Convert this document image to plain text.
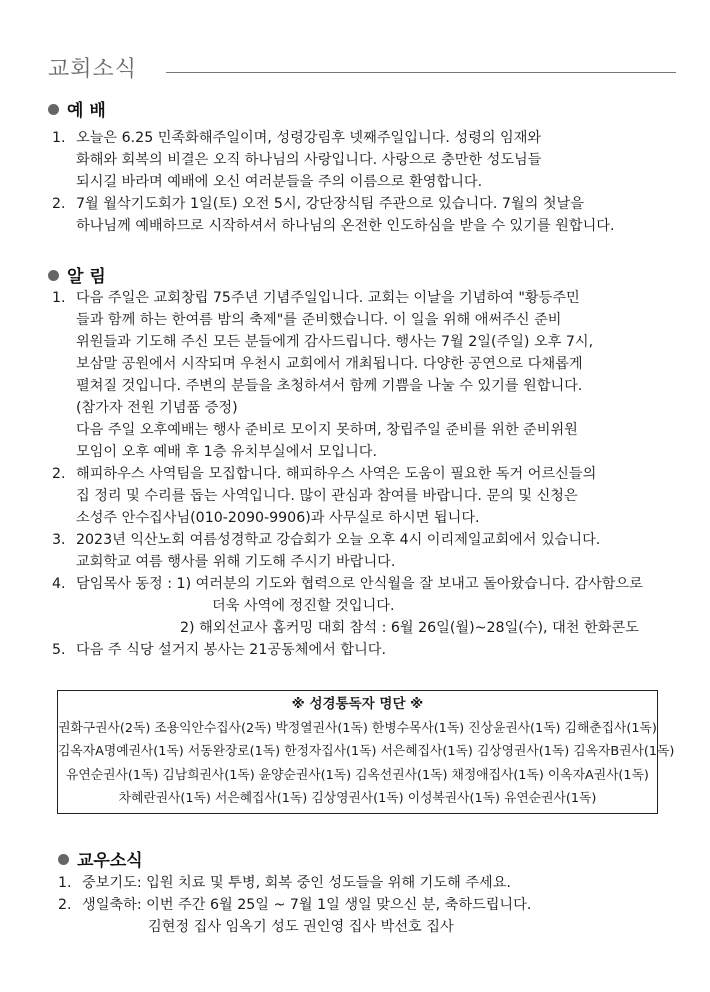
교회소식
예 배
1. 오늘은 6.25 민족화해주일이며, 성령강림후 넷째주일입니다. 성령의 임재와
화해와 회복의 비결은 오직 하나님의 사랑입니다. 사랑으로 충만한 성도님들
되시길 바라며 예배에 오신 여러분들을 주의 이름으로 환영합니다.
2. 7월 월삭기도회가 1일(토) 오전 5시, 강단장식팀 주관으로 있습니다. 7월의 첫날을
하나님께 예배하므로 시작하셔서 하나님의 온전한 인도하심을 받을 수 있기를 원합니다.
알 림
1. 다음 주일은 교회창립 75주년 기념주일입니다. 교회는 이날을 기념하여 "황등주민
들과 함께 하는 한여름 밤의 축제"를 준비했습니다. 이 일을 위해 애써주신 준비
위원들과 기도해 주신 모든 분들에게 감사드립니다. 행사는 7월 2일(주일) 오후 7시,
보삼말 공원에서 시작되며 우천시 교회에서 개최됩니다. 다양한 공연으로 다채롭게
펼쳐질 것입니다. 주변의 분들을 초청하셔서 함께 기쁨을 나눌 수 있기를 원합니다.
(참가자 전원 기념품 증정)
다음 주일 오후예배는 행사 준비로 모이지 못하며, 창립주일 준비를 위한 준비위원
모임이 오후 예배 후 1층 유치부실에서 모입니다.
2. 해피하우스 사역팀을 모집합니다. 해피하우스 사역은 도움이 필요한 독거 어르신들의
집 정리 및 수리를 돕는 사역입니다. 많이 관심과 참여를 바랍니다. 문의 및 신청은
소성주 안수집사님(010-2090-9906)과 사무실로 하시면 됩니다.
3. 2023년 익산노회 여름성경학교 강습회가 오늘 오후 4시 이리제일교회에서 있습니다.
교회학교 여름 행사를 위해 기도해 주시기 바랍니다.
4. 담임목사 동정 : 1) 여러분의 기도와 협력으로 안식월을 잘 보내고 돌아왔습니다. 감사함으로
더욱 사역에 정진할 것입니다.
2) 해외선교사 홈커밍 대회 참석 : 6월 26일(월)~28일(수), 대천 한화콘도
5. 다음 주 식당 설거지 봉사는 21공동체에서 합니다.
※ 성경통독자 명단 ※
권화구권사(2독) 조용익안수집사(2독) 박정열권사(1독) 한병수목사(1독) 진상윤권사(1독) 김해춘집사(1독)
김옥자A명예권사(1독) 서동완장로(1독) 한정자집사(1독) 서은혜집사(1독) 김상영권사(1독) 김옥자B권사(1독)
유연순권사(1독) 김남희권사(1독) 윤양순권사(1독) 김옥선권사(1독) 채정애집사(1독) 이옥자A권사(1독)
차혜란권사(1독) 서은혜집사(1독) 김상영권사(1독) 이성복권사(1독) 유연순권사(1독)
교우소식
1. 중보기도: 입원 치료 및 투병, 회복 중인 성도들을 위해 기도해 주세요.
2. 생일축하: 이번 주간 6월 25일 ~ 7월 1일 생일 맞으신 분, 축하드립니다.
김현정 집사 임옥기 성도 권인영 집사 박선호 집사
